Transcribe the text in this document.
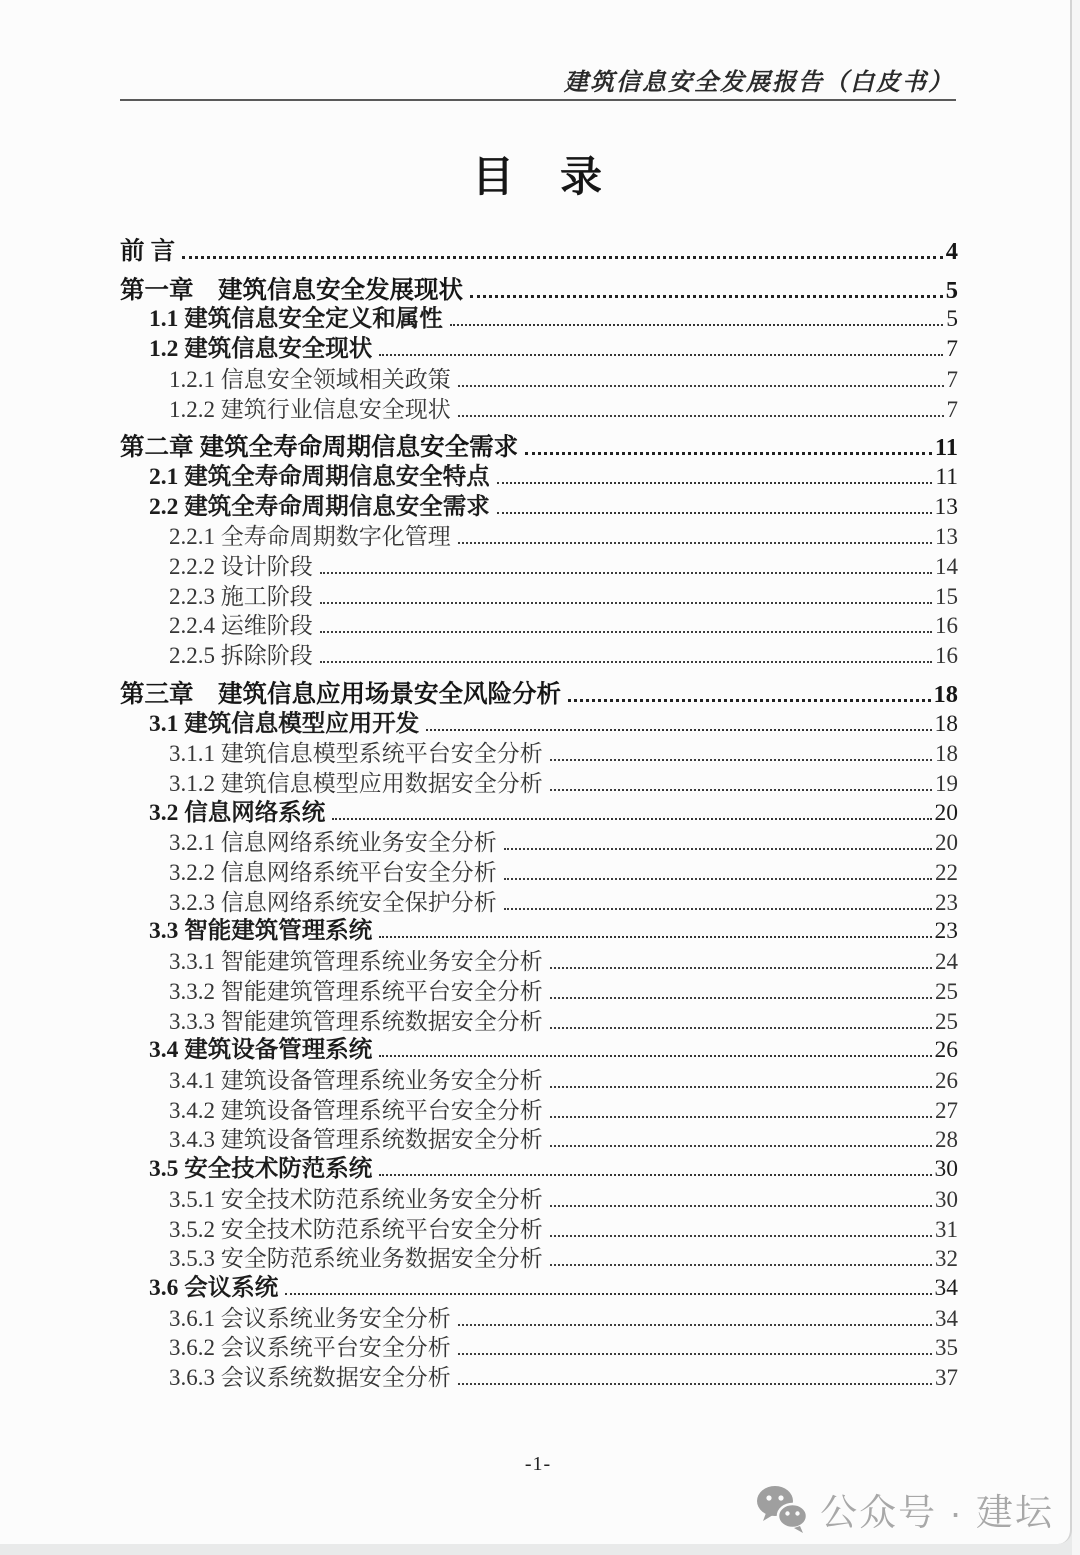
建筑信息安全发展报告（白皮书）
目　录
前 言	4
第一章　建筑信息安全发展现状	5
1.1 建筑信息安全定义和属性	5
1.2 建筑信息安全现状	7
1.2.1 信息安全领域相关政策	7
1.2.2 建筑行业信息安全现状	7
第二章 建筑全寿命周期信息安全需求	11
2.1 建筑全寿命周期信息安全特点	11
2.2 建筑全寿命周期信息安全需求	13
2.2.1 全寿命周期数字化管理	13
2.2.2 设计阶段	14
2.2.3 施工阶段	15
2.2.4 运维阶段	16
2.2.5 拆除阶段	16
第三章　建筑信息应用场景安全风险分析	18
3.1 建筑信息模型应用开发	18
3.1.1 建筑信息模型系统平台安全分析	18
3.1.2 建筑信息模型应用数据安全分析	19
3.2 信息网络系统	20
3.2.1 信息网络系统业务安全分析	20
3.2.2 信息网络系统平台安全分析	22
3.2.3 信息网络系统安全保护分析	23
3.3 智能建筑管理系统	23
3.3.1 智能建筑管理系统业务安全分析	24
3.3.2 智能建筑管理系统平台安全分析	25
3.3.3 智能建筑管理系统数据安全分析	25
3.4 建筑设备管理系统	26
3.4.1 建筑设备管理系统业务安全分析	26
3.4.2 建筑设备管理系统平台安全分析	27
3.4.3 建筑设备管理系统数据安全分析	28
3.5 安全技术防范系统	30
3.5.1 安全技术防范系统业务安全分析	30
3.5.2 安全技术防范系统平台安全分析	31
3.5.3 安全防范系统业务数据安全分析	32
3.6 会议系统	34
3.6.1 会议系统业务安全分析	34
3.6.2 会议系统平台安全分析	35
3.6.3 会议系统数据安全分析	37
-1-
公众号 · 建坛
